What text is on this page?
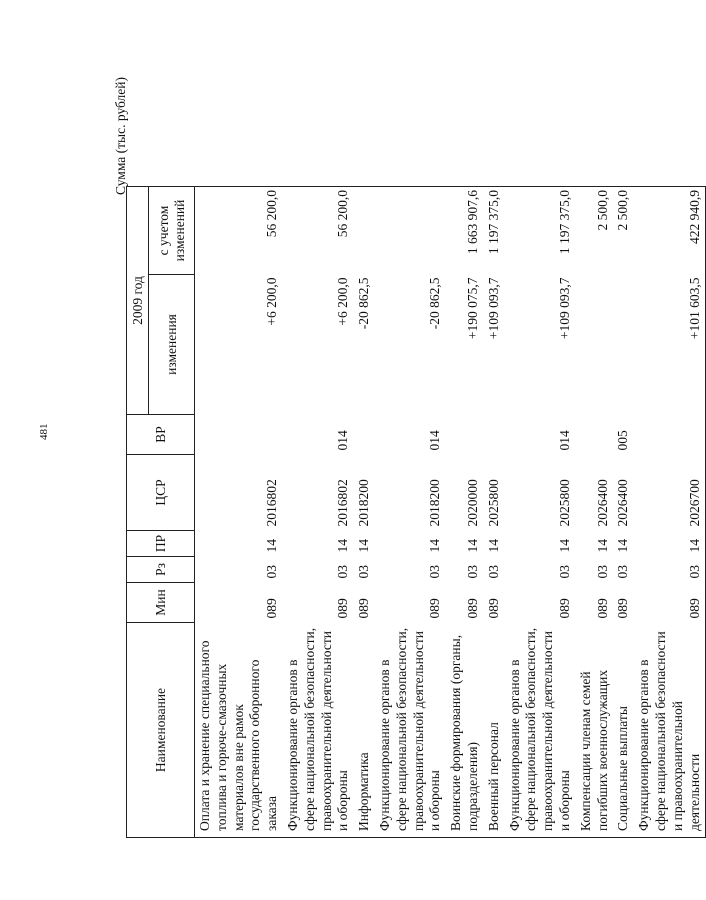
481
Сумма (тыс. рублей)
Наименование	Мин	Рз	ПР	ЦСР	ВР	2009 год	
						изменения	с учетом изменений
Оплата и хранение специального топлива и горюче-смазочных материалов вне рамок государственного оборонного заказа	089	03	14	2016802		+6 200,0	56 200,0
Функционирование органов в сфере национальной безопасности, правоохранительной деятельности и обороны	089	03	14	2016802	014	+6 200,0	56 200,0
Информатика	089	03	14	2018200		-20 862,5	
Функционирование органов в сфере национальной безопасности, правоохранительной деятельности и обороны	089	03	14	2018200	014	-20 862,5	
Воинские формирования (органы, подразделения)	089	03	14	2020000		+190 075,7	1 663 907,6
Военный персонал	089	03	14	2025800		+109 093,7	1 197 375,0
Функционирование органов в сфере национальной безопасности, правоохранительной деятельности и обороны	089	03	14	2025800	014	+109 093,7	1 197 375,0
Компенсации членам семей погибших военнослужащих	089	03	14	2026400			2 500,0
Социальные выплаты	089	03	14	2026400	005		2 500,0
Функционирование органов в сфере национальной безопасности и правоохранительной деятельности	089	03	14	2026700		+101 603,5	422 940,9
